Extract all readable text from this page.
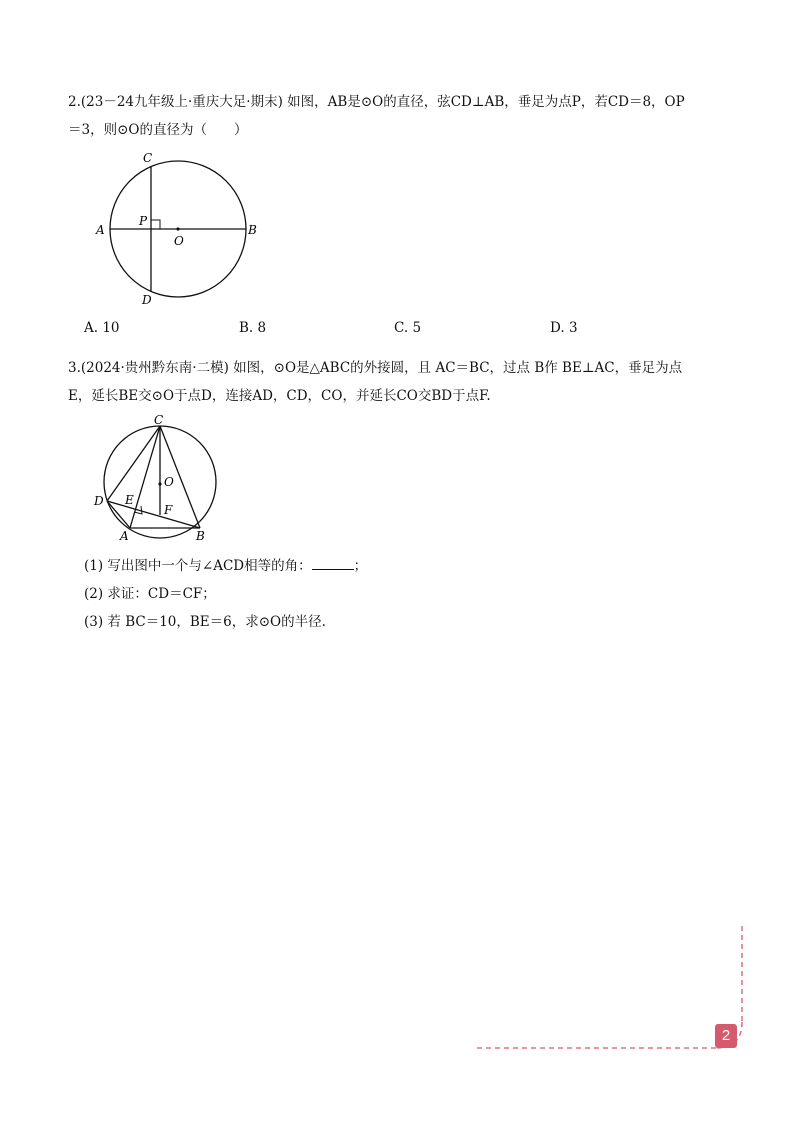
2.(23－24九年级上·重庆大足·期末) 如图，AB是⊙O的直径，弦CD⊥AB，垂足为点P，若CD＝8，OP

＝3，则⊙O的直径为（　　）

C
A	B
P
O
D
A. 10	B. 8	C. 5	D. 3

3.(2024·贵州黔东南·二模) 如图，⊙O是△ABC的外接圆，且 AC＝BC，过点 B作 BE⊥AC，垂足为点

E，延长BE交⊙O于点D，连接AD，CD，CO，并延长CO交BD于点F.

C
O
D E
F
A	B
(1) 写出图中一个与∠ACD相等的角：	；
(2) 求证：CD＝CF；
(3) 若 BC＝10，BE＝6，求⊙O的半径.
2
